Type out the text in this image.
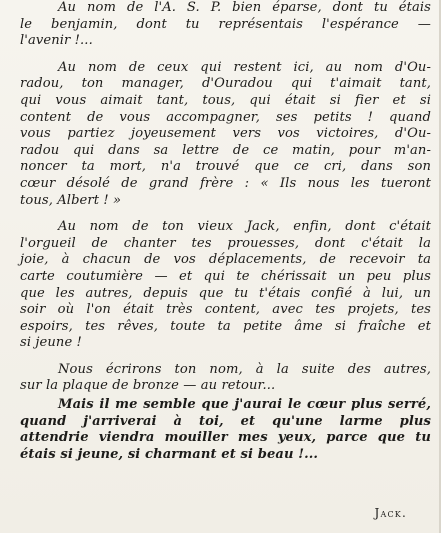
Au nom de l'A. S. P. bien éparse, dont tu étais
le benjamin, dont tu représentais l'espérance —
l'avenir !...
Au nom de ceux qui restent ici, au nom d'Ou-
radou, ton manager, d'Ouradou qui t'aimait tant,
qui vous aimait tant, tous, qui était si fier et si
content de vous accompagner, ses petits ! quand
vous partiez joyeusement vers vos victoires, d'Ou-
radou qui dans sa lettre de ce matin, pour m'an-
noncer ta mort, n'a trouvé que ce cri, dans son
cœur désolé de grand frère : « Ils nous les tueront
tous, Albert ! »
Au nom de ton vieux Jack, enfin, dont c'était
l'orgueil de chanter tes prouesses, dont c'était la
joie, à chacun de vos déplacements, de recevoir ta
carte coutumière — et qui te chérissait un peu plus
que les autres, depuis que tu t'étais confié à lui, un
soir où l'on était très content, avec tes projets, tes
espoirs, tes rêves, toute ta petite âme si fraîche et
si jeune !
Nous écrirons ton nom, à la suite des autres,
sur la plaque de bronze — au retour...
Mais il me semble que j'aurai le cœur plus serré,
quand j'arriverai à toi, et qu'une larme plus
attendrie viendra mouiller mes yeux, parce que tu
étais si jeune, si charmant et si beau !...
Jack.
